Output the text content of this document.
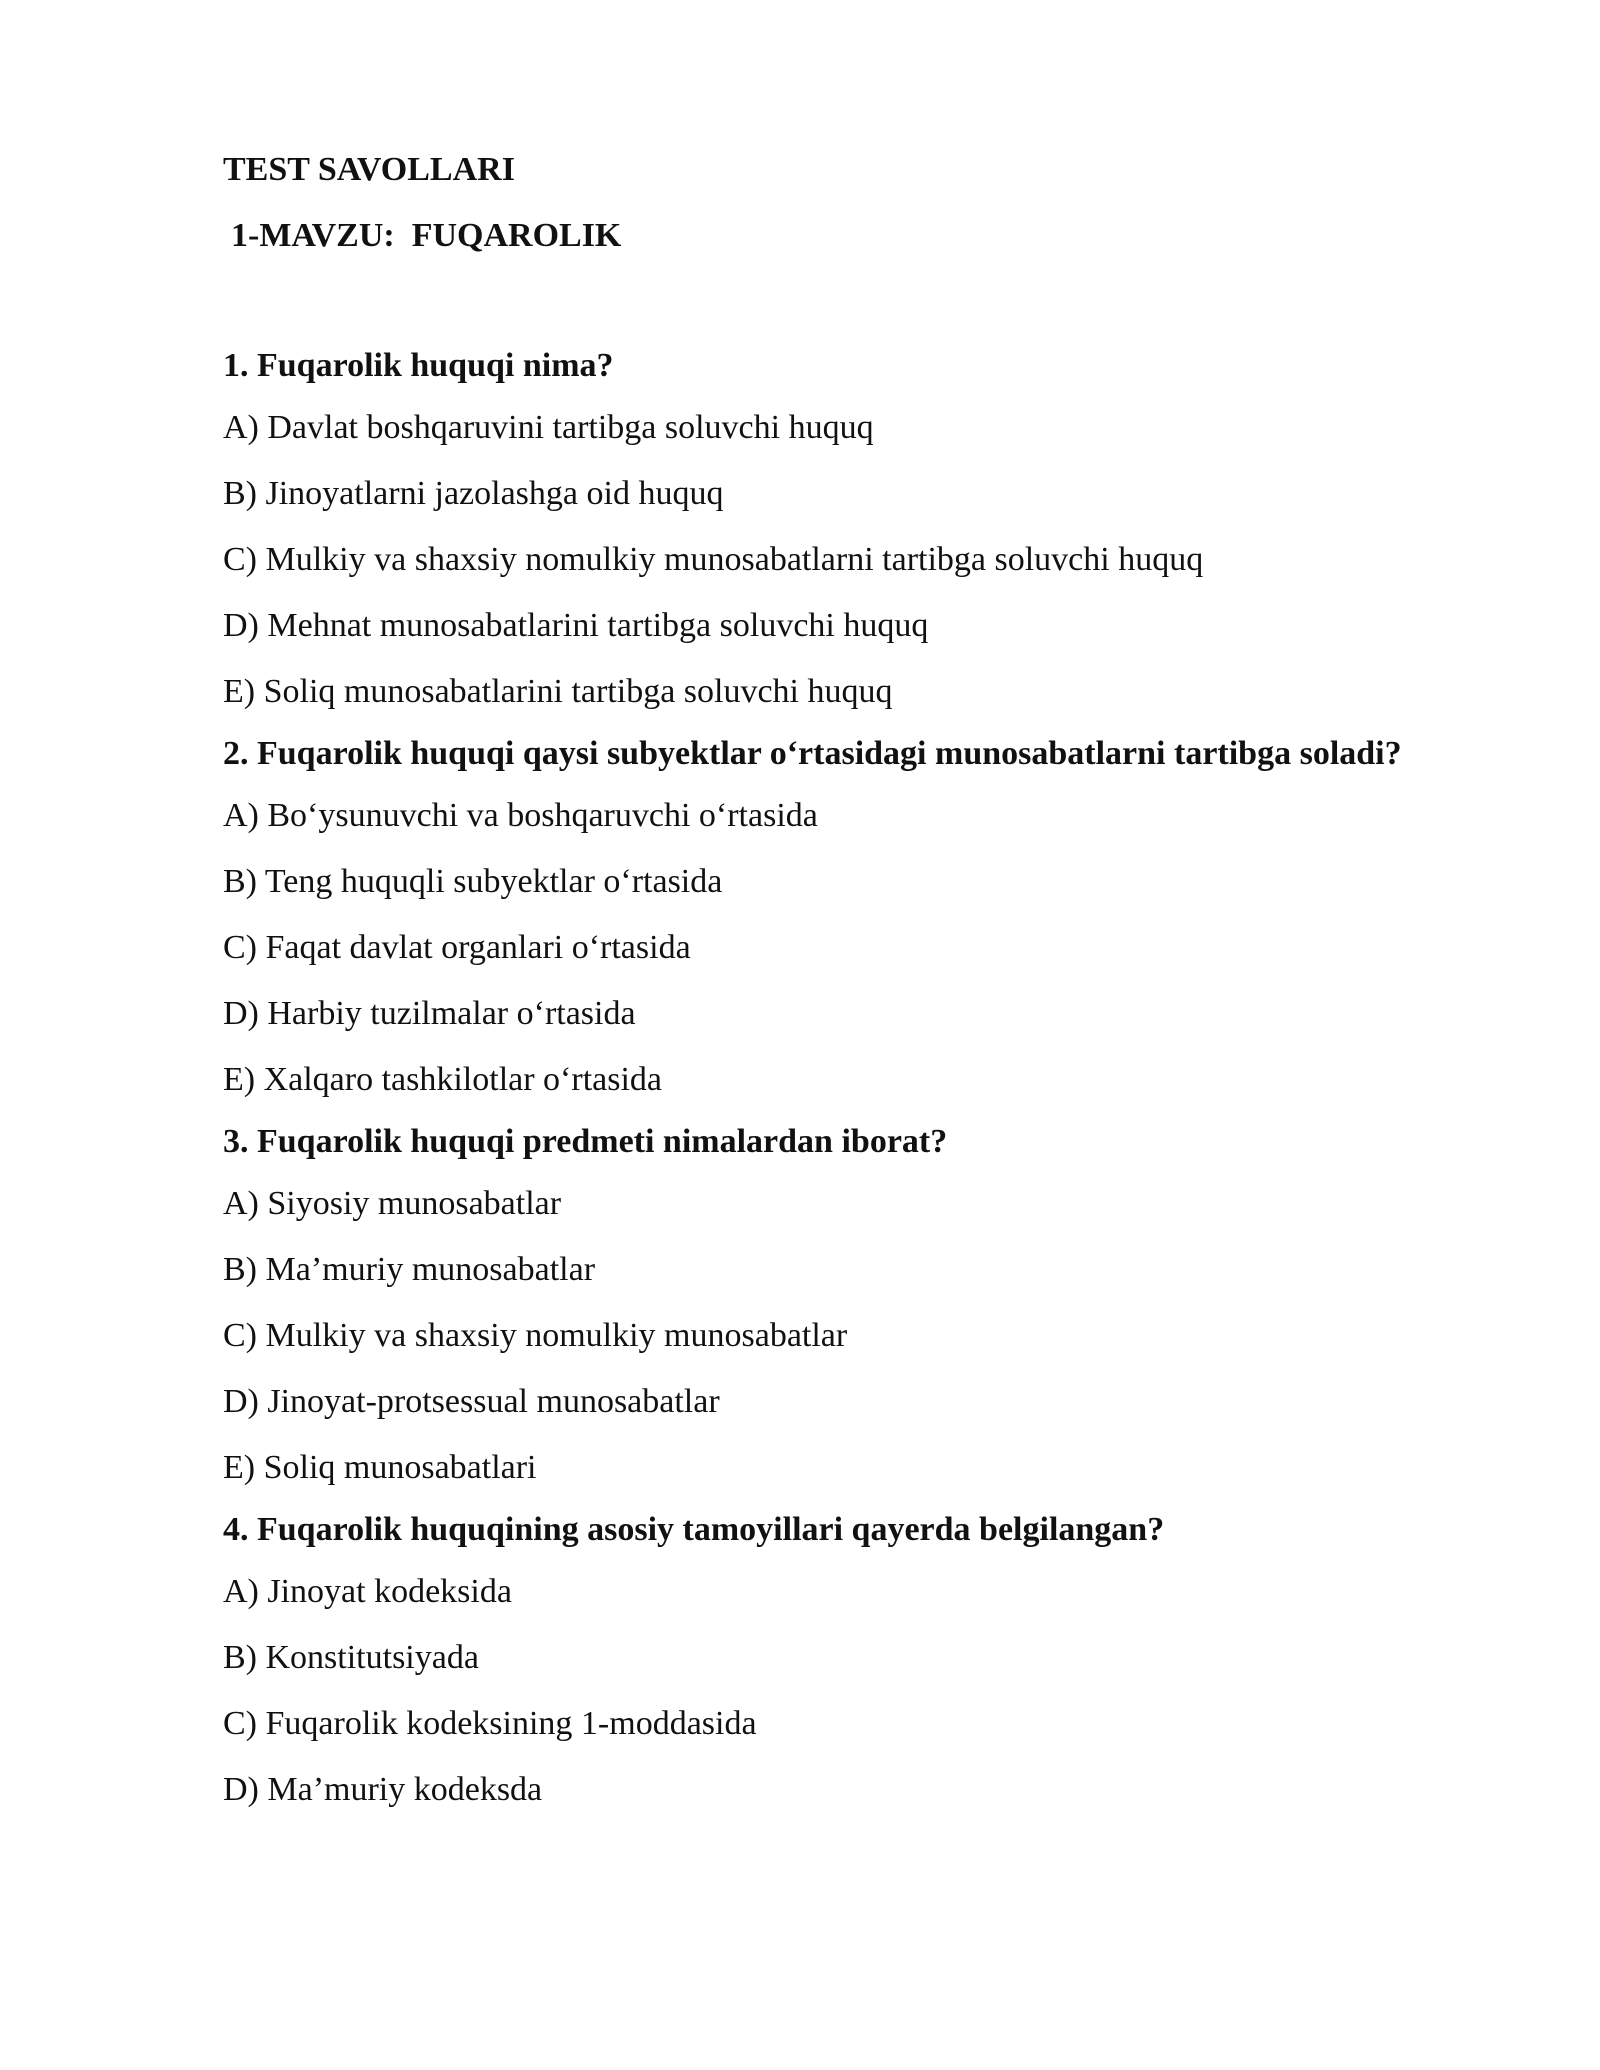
TEST SAVOLLARI
1-MAVZU:  FUQAROLIK
1. Fuqarolik huquqi nima?
A) Davlat boshqaruvini tartibga soluvchi huquq
B) Jinoyatlarni jazolashga oid huquq
C) Mulkiy va shaxsiy nomulkiy munosabatlarni tartibga soluvchi huquq
D) Mehnat munosabatlarini tartibga soluvchi huquq
E) Soliq munosabatlarini tartibga soluvchi huquq
2. Fuqarolik huquqi qaysi subyektlar o‘rtasidagi munosabatlarni tartibga soladi?
A) Bo‘ysunuvchi va boshqaruvchi o‘rtasida
B) Teng huquqli subyektlar o‘rtasida
C) Faqat davlat organlari o‘rtasida
D) Harbiy tuzilmalar o‘rtasida
E) Xalqaro tashkilotlar o‘rtasida
3. Fuqarolik huquqi predmeti nimalardan iborat?
A) Siyosiy munosabatlar
B) Ma’muriy munosabatlar
C) Mulkiy va shaxsiy nomulkiy munosabatlar
D) Jinoyat-protsessual munosabatlar
E) Soliq munosabatlari
4. Fuqarolik huquqining asosiy tamoyillari qayerda belgilangan?
A) Jinoyat kodeksida
B) Konstitutsiyada
C) Fuqarolik kodeksining 1-moddasida
D) Ma’muriy kodeksda
